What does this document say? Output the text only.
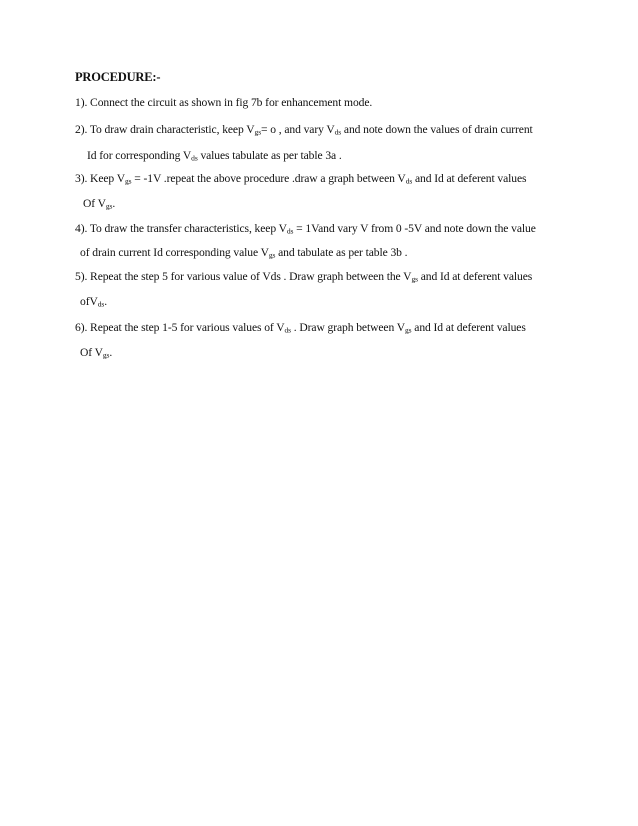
PROCEDURE:-
1). Connect the circuit as shown in fig 7b for enhancement mode.
2). To draw drain characteristic, keep $V_{gs}= o$ , and vary $V_{ds}$ and note down the values of drain current
Id for corresponding $V_{ds}$ values tabulate as per table 3a .
3). Keep $V_{gs} = -1V$ .repeat the above procedure .draw a graph between $V_{ds}$ and Id at deferent values
Of $V_{gs}$.
4). To draw the transfer characteristics, keep $V_{ds}$ = 1Vand vary V from 0 -5V and note down the value
of drain current Id corresponding value $V_{gs}$ and tabulate as per table 3b .
5). Repeat the step 5 for various value of Vds . Draw graph between the $V_{gs}$ and Id at deferent values
ofV$_{ds}$.
6). Repeat the step 1-5 for various values of $V_{ds}$ . Draw graph between $V_{gs}$ and Id at deferent values
Of $V_{gs}$.
